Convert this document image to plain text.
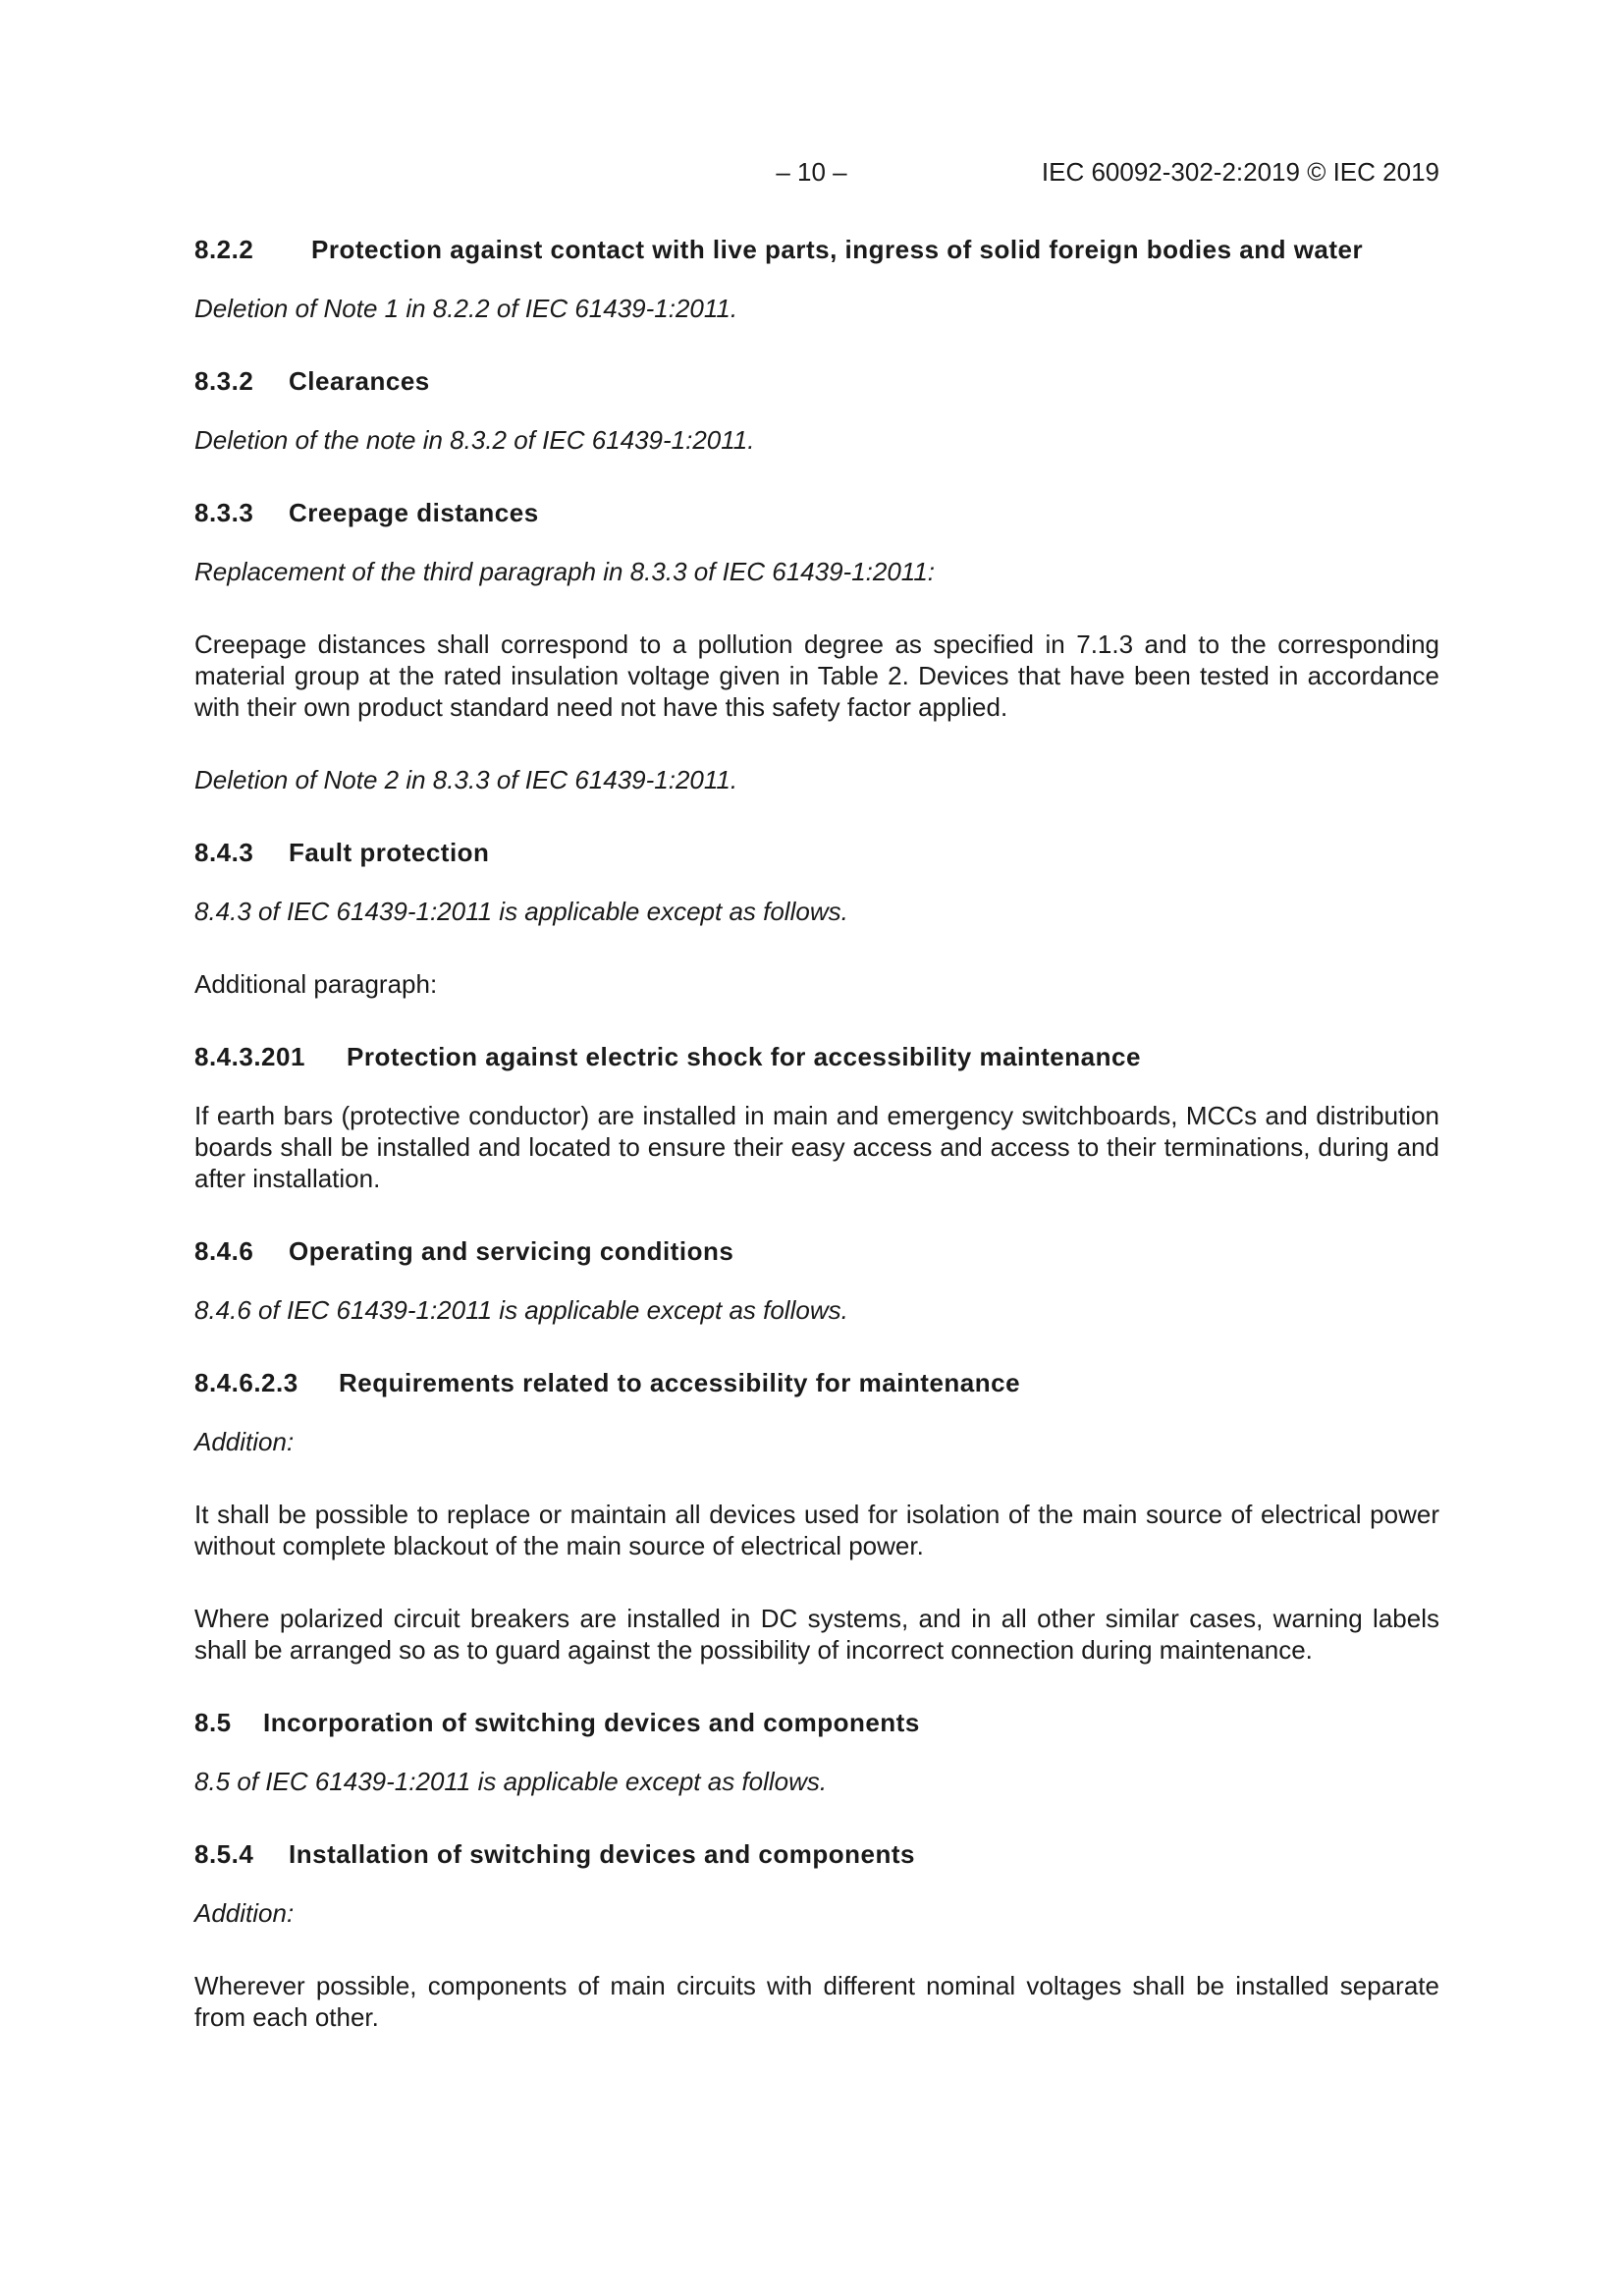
– 10 –	IEC 60092-302-2:2019 © IEC 2019
8.2.2	Protection against contact with live parts, ingress of solid foreign bodies and water

Deletion of Note 1 in 8.2.2 of IEC 61439-1:2011.

8.3.2	Clearances

Deletion of the note in 8.3.2 of IEC 61439-1:2011.

8.3.3	Creepage distances

Replacement of the third paragraph in 8.3.3 of IEC 61439-1:2011:

Creepage distances shall correspond to a pollution degree as specified in 7.1.3 and to the corresponding material group at the rated insulation voltage given in Table 2. Devices that have been tested in accordance with their own product standard need not have this safety factor applied.

Deletion of Note 2 in 8.3.3 of IEC 61439-1:2011.

8.4.3	Fault protection

8.4.3 of IEC 61439-1:2011 is applicable except as follows.

Additional paragraph:

8.4.3.201	Protection against electric shock for accessibility maintenance

If earth bars (protective conductor) are installed in main and emergency switchboards, MCCs and distribution boards shall be installed and located to ensure their easy access and access to their terminations, during and after installation.

8.4.6	Operating and servicing conditions

8.4.6 of IEC 61439-1:2011 is applicable except as follows.

8.4.6.2.3	Requirements related to accessibility for maintenance

Addition:

It shall be possible to replace or maintain all devices used for isolation of the main source of electrical power without complete blackout of the main source of electrical power.

Where polarized circuit breakers are installed in DC systems, and in all other similar cases, warning labels shall be arranged so as to guard against the possibility of incorrect connection during maintenance.

8.5	Incorporation of switching devices and components

8.5 of IEC 61439-1:2011 is applicable except as follows.

8.5.4	Installation of switching devices and components

Addition:

Wherever possible, components of main circuits with different nominal voltages shall be installed separate from each other.
